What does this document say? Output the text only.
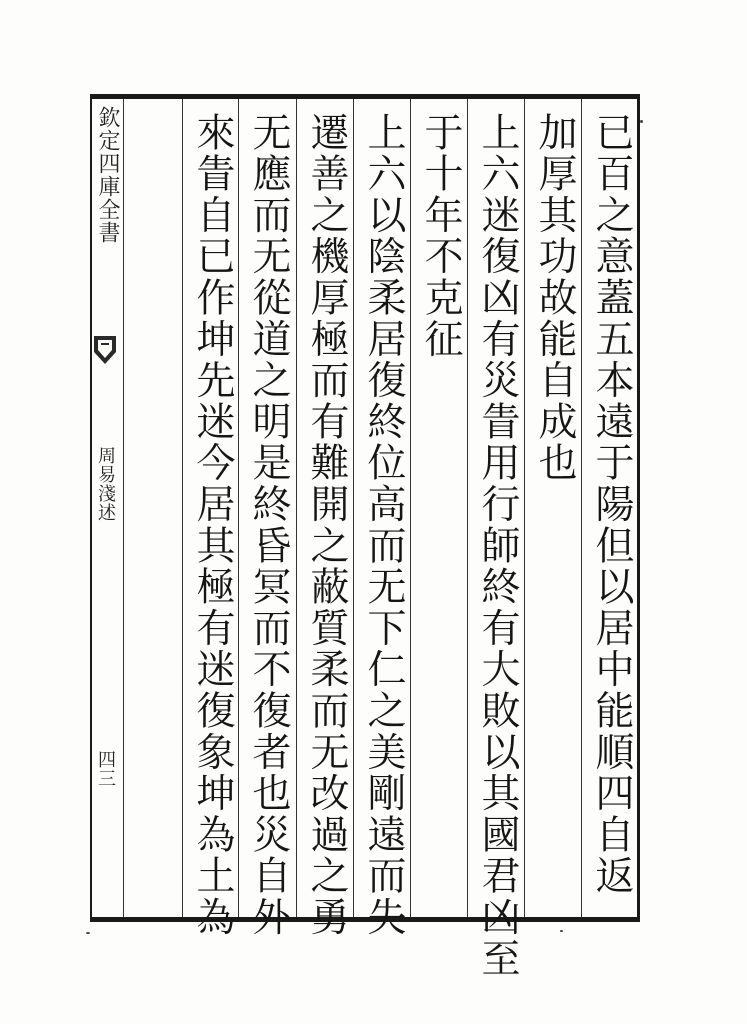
欽定四庫全書
周易淺述
四三	已百之意蓋五本遠于陽但以居中能順四自返
加厚其功故能自成也
上六迷復凶有災眚用行師終有大敗以其國君凶至
于十年不克征
上六以陰柔居復終位高而无下仁之美剛遠而失
遷善之機厚極而有難開之蔽質柔而无改過之勇
无應而无從道之明是終昏冥而不復者也災自外
來眚自已作坤先迷今居其極有迷復象坤為土為
